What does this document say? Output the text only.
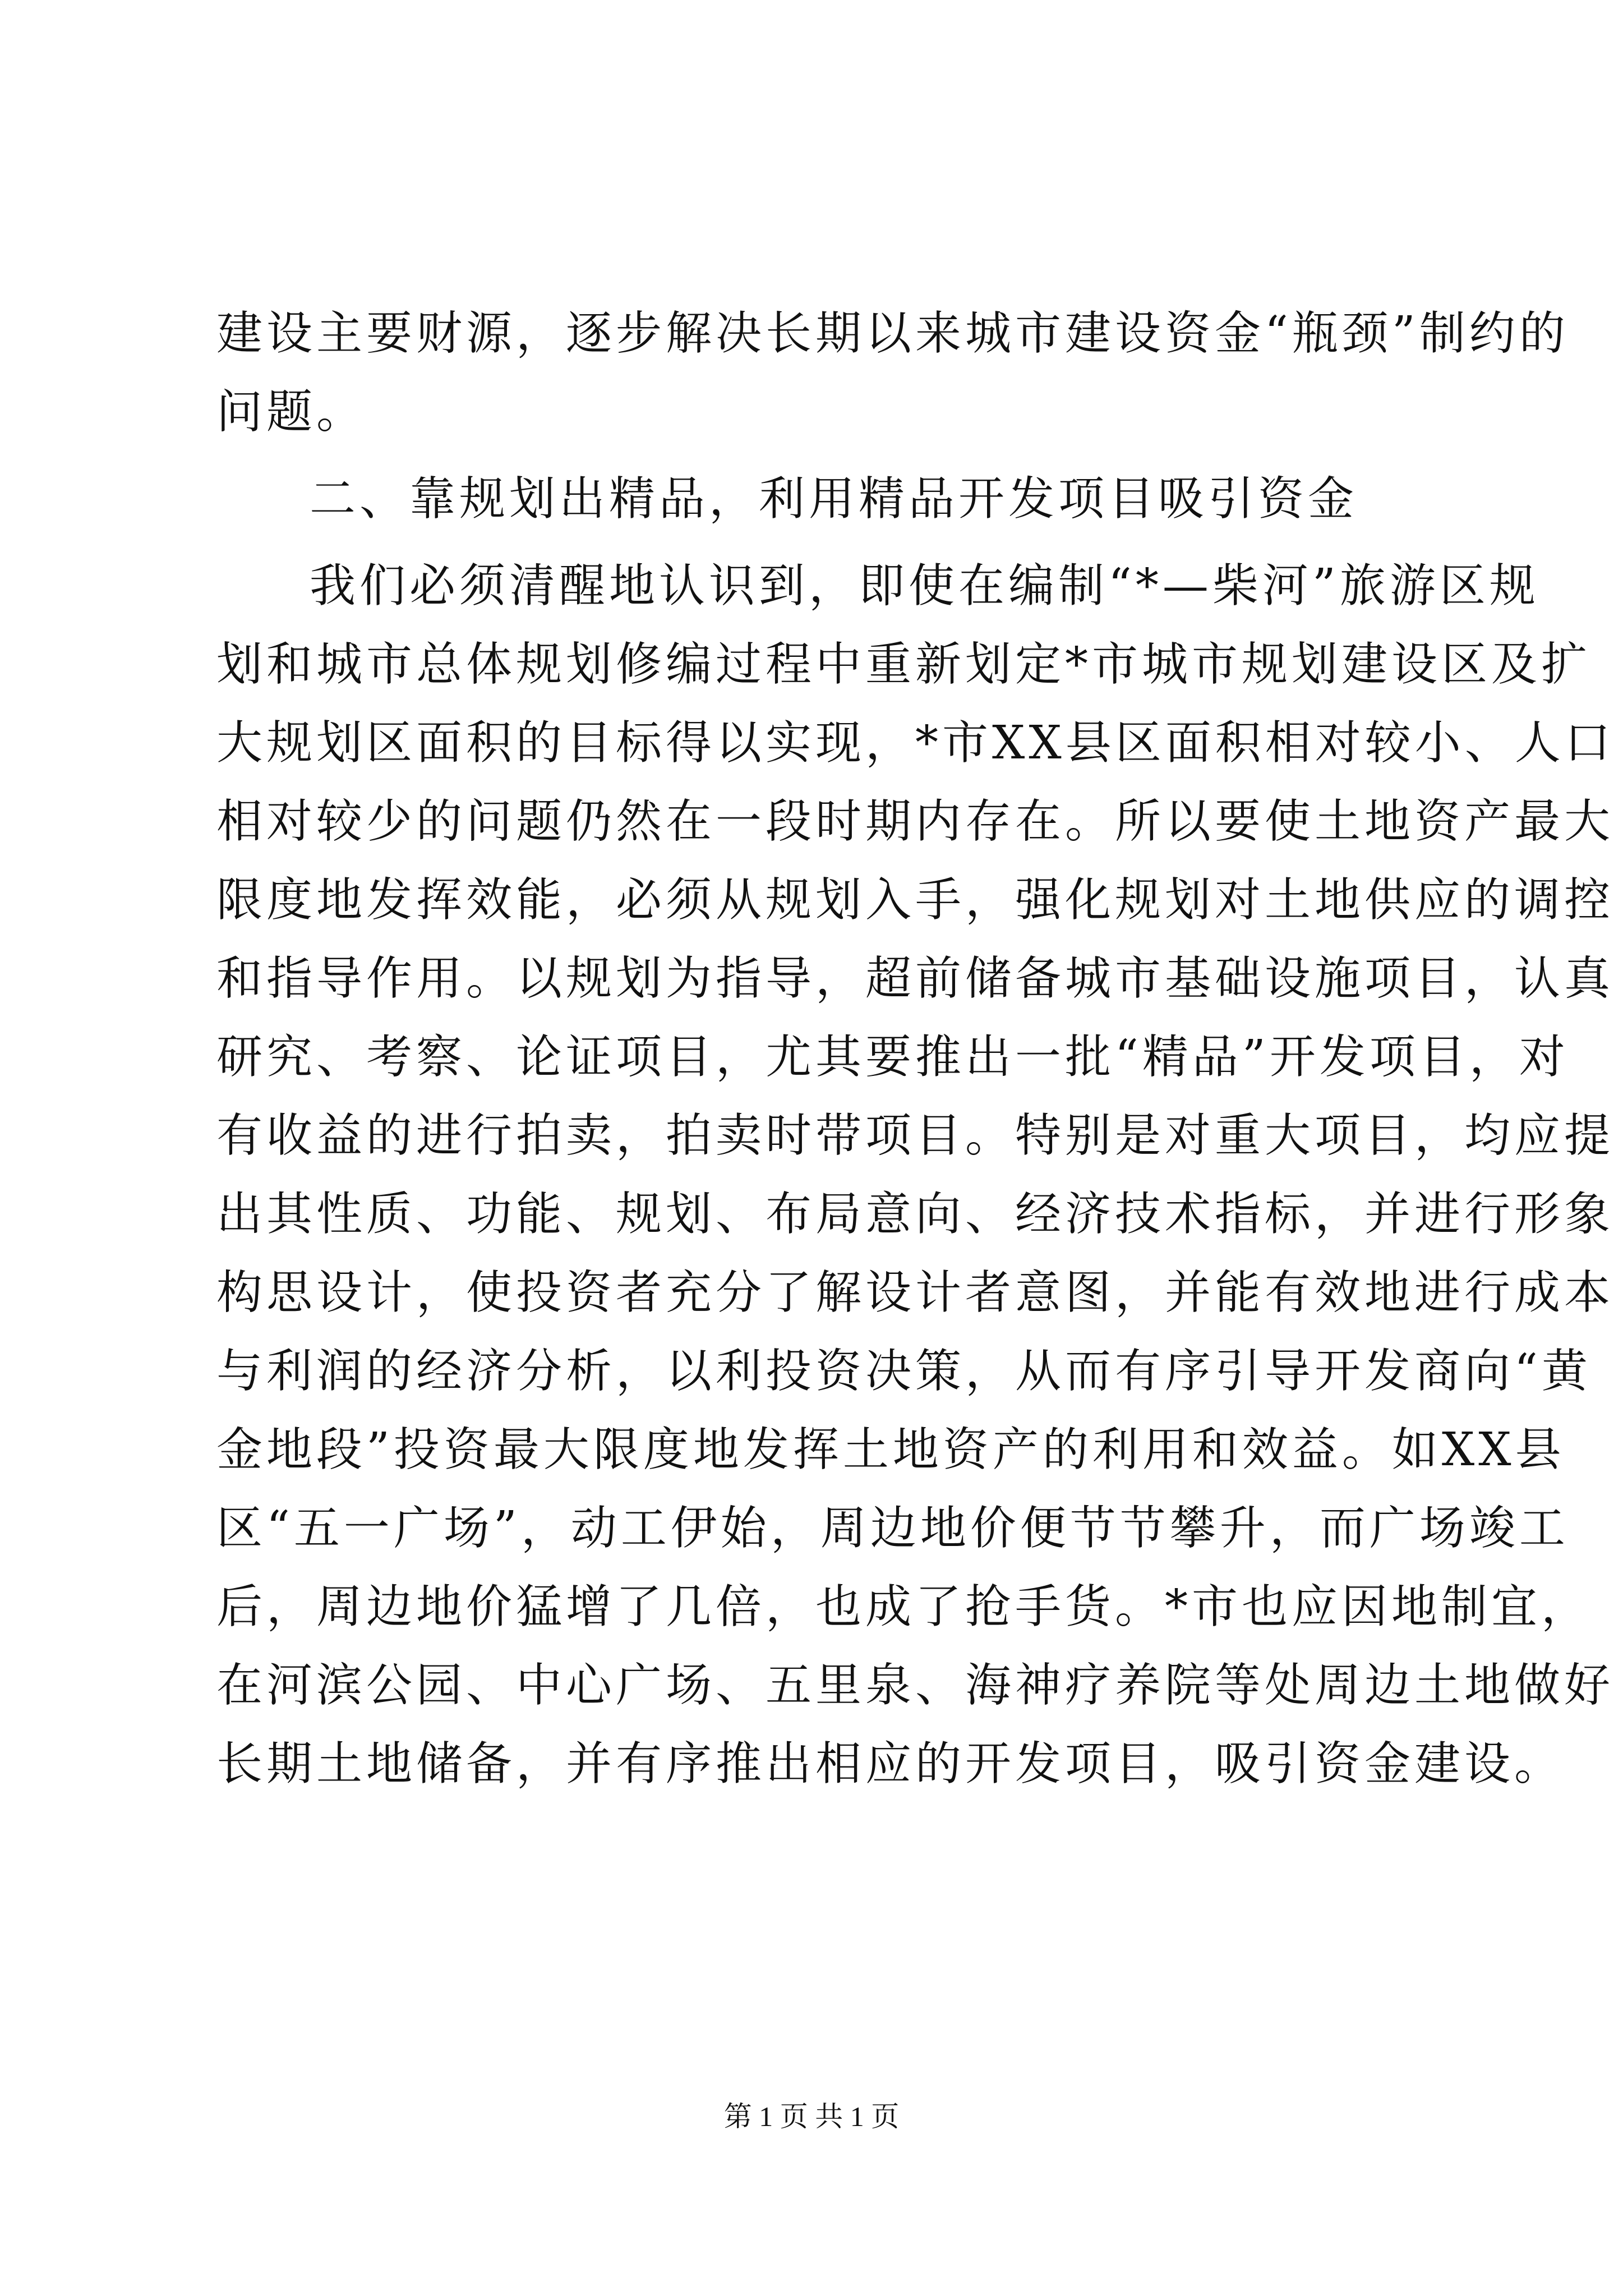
建设主要财源，逐步解决长期以来城市建设资金“瓶颈”制约的
问题。
二、靠规划出精品，利用精品开发项目吸引资金
我们必须清醒地认识到，即使在编制“*—柴河”旅游区规
划和城市总体规划修编过程中重新划定*市城市规划建设区及扩
大规划区面积的目标得以实现，*市XX县区面积相对较小、人口
相对较少的问题仍然在一段时期内存在。所以要使土地资产最大
限度地发挥效能，必须从规划入手，强化规划对土地供应的调控
和指导作用。以规划为指导，超前储备城市基础设施项目，认真
研究、考察、论证项目，尤其要推出一批“精品”开发项目，对
有收益的进行拍卖，拍卖时带项目。特别是对重大项目，均应提
出其性质、功能、规划、布局意向、经济技术指标，并进行形象
构思设计，使投资者充分了解设计者意图，并能有效地进行成本
与利润的经济分析，以利投资决策，从而有序引导开发商向“黄
金地段”投资最大限度地发挥土地资产的利用和效益。如XX县
区“五一广场”，动工伊始，周边地价便节节攀升，而广场竣工
后，周边地价猛增了几倍，也成了抢手货。*市也应因地制宜，
在河滨公园、中心广场、五里泉、海神疗养院等处周边土地做好
长期土地储备，并有序推出相应的开发项目，吸引资金建设。
第 1 页 共 1 页
